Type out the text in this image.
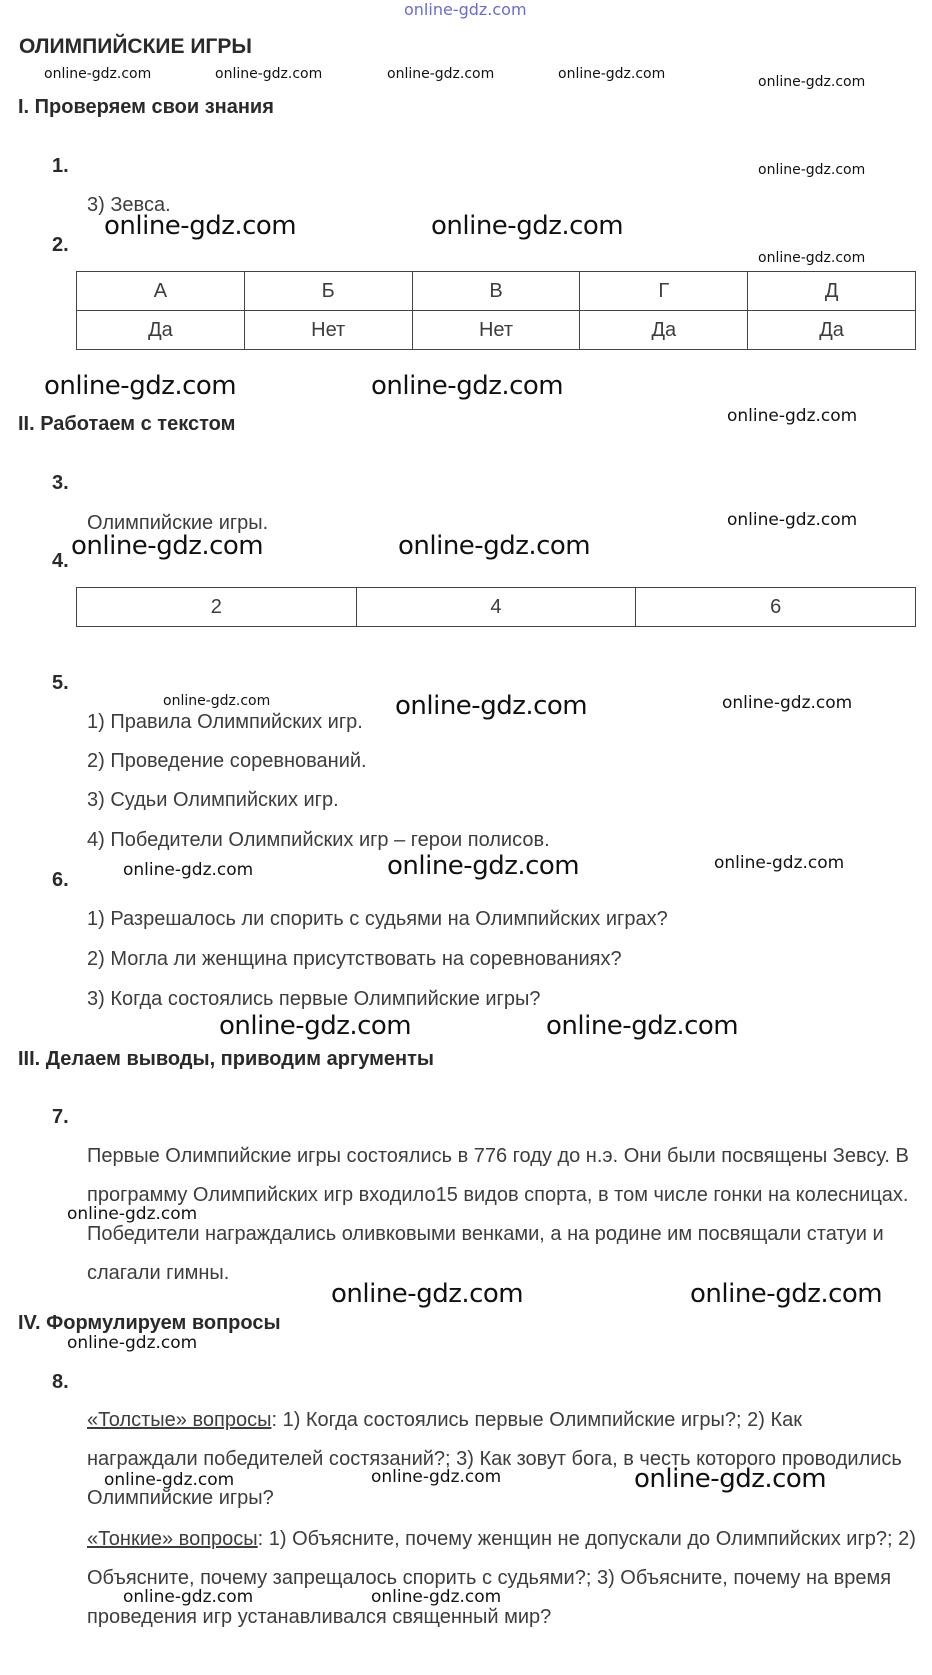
online-gdz.com
ОЛИМПИЙСКИЕ ИГРЫ
I. Проверяем свои знания
1.
3) Зевса.
2.
А	Б	В	Г	Д
Да	Нет	Нет	Да	Да
II. Работаем с текстом
3.
Олимпийские игры.
4.
2	4	6
5.
1) Правила Олимпийских игр.
2) Проведение соревнований.
3) Судьи Олимпийских игр.
4) Победители Олимпийских игр – герои полисов.
6.
1) Разрешалось ли спорить с судьями на Олимпийских играх?
2) Могла ли женщина присутствовать на соревнованиях?
3) Когда состоялись первые Олимпийские игры?
III. Делаем выводы, приводим аргументы
7.
Первые Олимпийские игры состоялись в 776 году до н.э. Они были посвящены Зевсу. В программу Олимпийских игр входило15 видов спорта, в том числе гонки на колесницах. Победители награждались оливковыми венками, а на родине им посвящали статуи и слагали гимны.
IV. Формулируем вопросы
8.
«Толстые» вопросы: 1) Когда состоялись первые Олимпийские игры?; 2) Как награждали победителей состязаний?; 3) Как зовут бога, в честь которого проводились Олимпийские игры?
«Тонкие» вопросы: 1) Объясните, почему женщин не допускали до Олимпийских игр?; 2) Объясните, почему запрещалось спорить с судьями?; 3) Объясните, почему на время проведения игр устанавливался священный мир?
online-gdz.com	online-gdz.com	online-gdz.com	online-gdz.com	online-gdz.com
online-gdz.com
online-gdz.com	online-gdz.com
online-gdz.com
online-gdz.com	online-gdz.com
online-gdz.com
online-gdz.com
online-gdz.com	online-gdz.com
online-gdz.com	online-gdz.com	online-gdz.com
online-gdz.com	online-gdz.com	online-gdz.com
online-gdz.com	online-gdz.com
online-gdz.com
online-gdz.com	online-gdz.com
online-gdz.com
online-gdz.com	online-gdz.com	online-gdz.com
online-gdz.com	online-gdz.com
